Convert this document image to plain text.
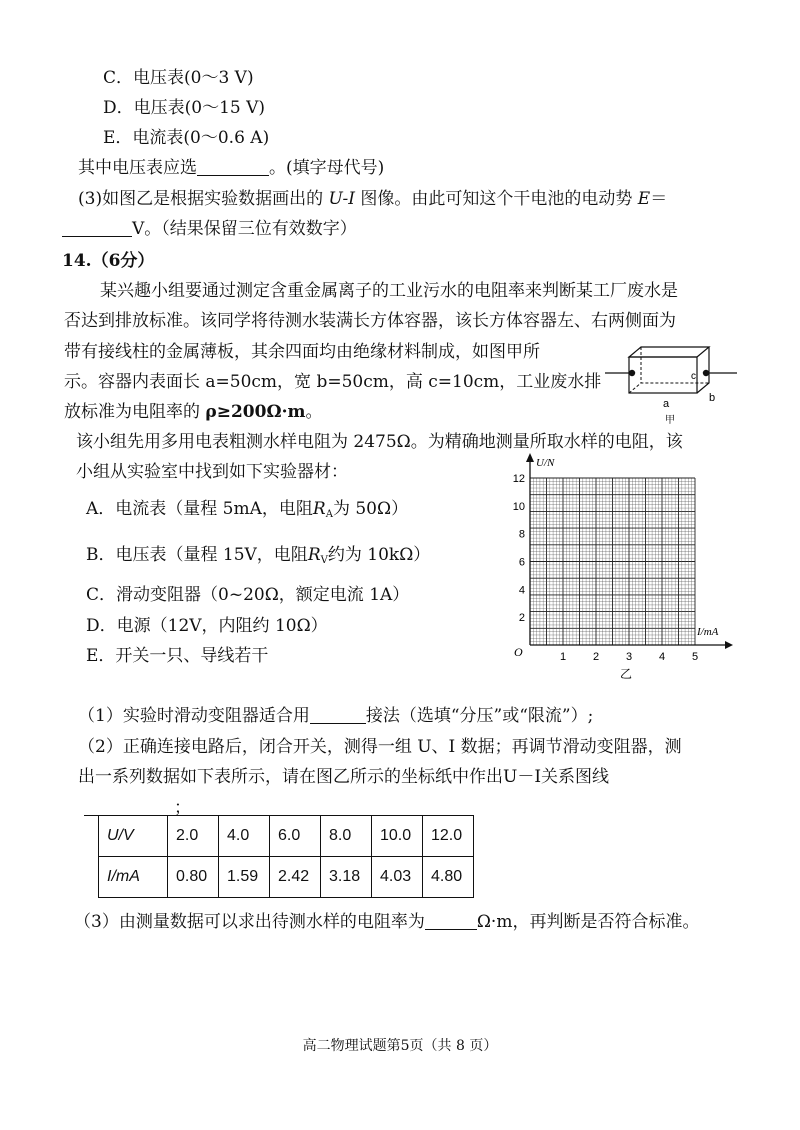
C．电压表(0～3 V)
D．电压表(0～15 V)
E．电流表(0～0.6 A)
其中电压表应选	。(填字母代号)
(3)如图乙是根据实验数据画出的 U-I 图像。由此可知这个干电池的电动势 E＝
V。（结果保留三位有效数字）
14.（6分）
某兴趣小组要通过测定含重金属离子的工业污水的电阻率来判断某工厂废水是
否达到排放标准。该同学将待测水装满长方体容器，该长方体容器左、右两侧面为
带有接线柱的金属薄板，其余四面均由绝缘材料制成，如图甲所
示。容器内表面长 a=50cm，宽 b=50cm，高 c=10cm，工业废水排
放标准为电阻率的 ρ≥200Ω·m。	a	b
c
甲
该小组先用多用电表粗测水样电阻为 2475Ω。为精确地测量所取水样的电阻，该
小组从实验室中找到如下实验器材：
A．电流表（量程 5mA，电阻$R_A$为 50Ω）
B．电压表（量程 15V，电阻$R_V$约为 10kΩ）
C．滑动变阻器（0~20Ω，额定电流 1A）
D．电源（12V，内阻约 10Ω）
E．开关一只、导线若干
2
4
6
8
10
12
1 2 3 4 5
U/N
I/mA
O
乙
（1）实验时滑动变阻器适合用	接法（选填“分压”或“限流”）;
（2）正确连接电路后，闭合开关，测得一组 U、I 数据；再调节滑动变阻器，测
出一系列数据如下表所示，请在图乙所示的坐标纸中作出U－I关系图线
；
U/V	2.0	4.0	6.0	8.0	10.0	12.0
I/mA	0.80	1.59	2.42	3.18	4.03	4.80
（3）由测量数据可以求出待测水样的电阻率为	Ω·m，再判断是否符合标准。
高二物理试题第5页（共 8 页）
